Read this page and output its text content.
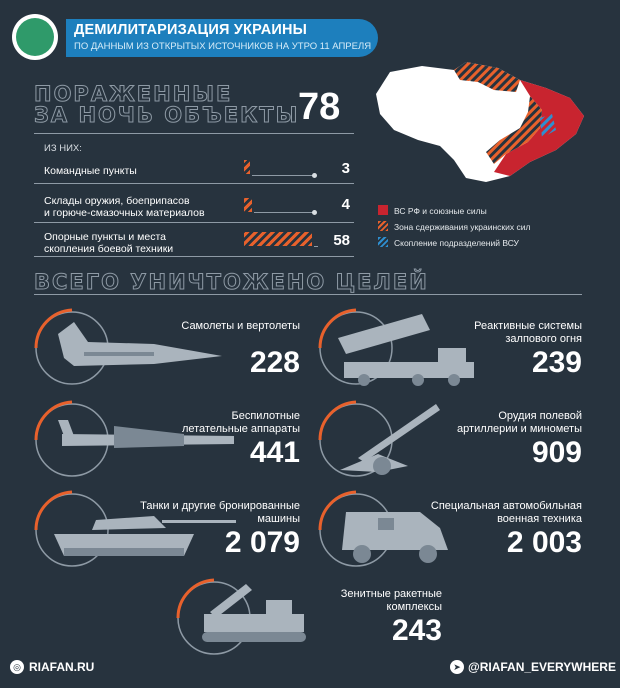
ДЕМИЛИТАРИЗАЦИЯ УКРАИНЫ
ПО ДАННЫМ ИЗ ОТКРЫТЫХ ИСТОЧНИКОВ НА УТРО 11 АПРЕЛЯ
ПОРАЖЕННЫЕ
ЗА НОЧЬ ОБЪЕКТЫ
78
ИЗ НИХ:
Командные пункты	3
Склады оружия, боеприпасов
и горюче-смазочных материалов	4
Опорные пункты и места
скопления боевой техники	58
ВС РФ и союзные силы
Зона сдерживания украинских сил
Скопление подразделений ВСУ
ВСЕГО УНИЧТОЖЕНО ЦЕЛЕЙ
Самолеты и вертолеты
228
Реактивные системы
залпового огня
239
Беспилотные
летательные аппараты
441
Орудия полевой
артиллерии и минометы
909
Танки и другие бронированные
машины
2 079
Специальная автомобильная
военная техника
2 003
Зенитные ракетные
комплексы
243
◎ RIAFAN.RU	➤ @RIAFAN_EVERYWHERE
